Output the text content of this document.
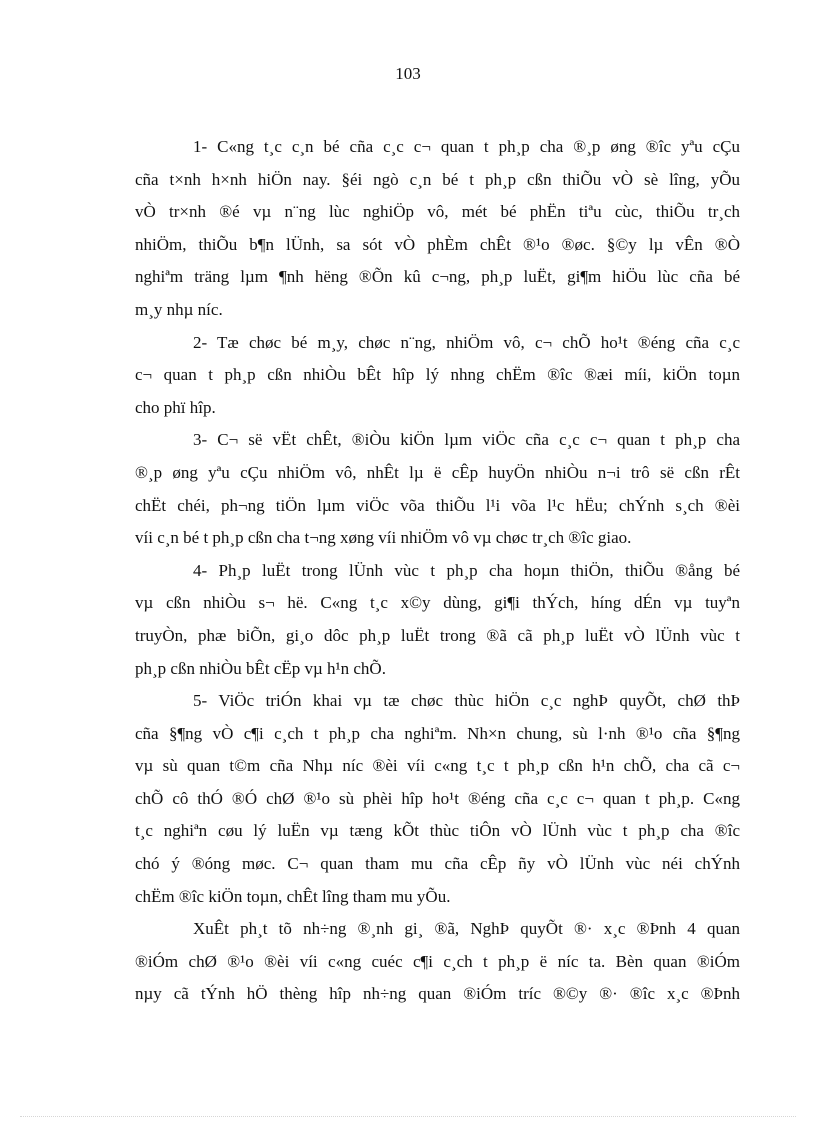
103
1- C«ng t¸c c¸n bé cña c¸c c¬ quan t ph¸p cha ®¸p øng ®îc yªu cÇu
cña t×nh h×nh hiÖn nay. §éi ngò c¸n bé t ph¸p cßn thiÕu vÒ sè lîng, yÕu
vÒ tr×nh ®é vµ n¨ng lùc nghiÖp vô, mét bé phËn tiªu cùc, thiÕu tr¸ch
nhiÖm, thiÕu b¶n lÜnh, sa sót vÒ phÈm chÊt ®¹o ®øc. §©y lµ vÊn ®Ò
nghiªm träng lµm ¶nh hëng ®Õn kû c¬ng, ph¸p luËt, gi¶m hiÖu lùc cña bé
m¸y nhµ níc.
2- Tæ chøc bé m¸y, chøc n¨ng, nhiÖm vô, c¬ chÕ ho¹t ®éng cña c¸c
c¬ quan t ph¸p cßn nhiÒu bÊt hîp lý nhng chËm ®îc ®æi míi, kiÖn toµn
cho phï hîp.
3- C¬ së vËt chÊt, ®iÒu kiÖn lµm viÖc cña c¸c c¬ quan t ph¸p cha
®¸p øng yªu cÇu nhiÖm vô, nhÊt lµ ë cÊp huyÖn nhiÒu n¬i trô së cßn rÊt
chËt chéi, ph¬ng tiÖn lµm viÖc võa thiÕu l¹i võa l¹c hËu; chÝnh s¸ch ®èi
víi c¸n bé t ph¸p cßn cha t¬ng xøng víi nhiÖm vô vµ chøc tr¸ch ®îc giao.
4- Ph¸p luËt trong lÜnh vùc t ph¸p cha hoµn thiÖn, thiÕu ®ång bé
vµ cßn nhiÒu s¬ hë. C«ng t¸c x©y dùng, gi¶i thÝch, híng dÉn vµ tuyªn
truyÒn, phæ biÕn, gi¸o dôc ph¸p luËt trong ®ã cã ph¸p luËt vÒ lÜnh vùc t
ph¸p cßn nhiÒu bÊt cËp vµ h¹n chÕ.
5- ViÖc triÓn khai vµ tæ chøc thùc hiÖn c¸c nghÞ quyÕt, chØ thÞ
cña §¶ng vÒ c¶i c¸ch t ph¸p cha nghiªm. Nh×n chung, sù l·nh ®¹o cña §¶ng
vµ sù quan t©m cña Nhµ níc ®èi víi c«ng t¸c t ph¸p cßn h¹n chÕ, cha cã c¬
chÕ cô thÓ ®Ó chØ ®¹o sù phèi hîp ho¹t ®éng cña c¸c c¬ quan t ph¸p. C«ng
t¸c nghiªn cøu lý luËn vµ tæng kÕt thùc tiÔn vÒ lÜnh vùc t ph¸p cha ®îc
chó ý ®óng møc. C¬ quan tham mu cña cÊp ñy vÒ lÜnh vùc néi chÝnh
chËm ®îc kiÖn toµn, chÊt lîng tham mu yÕu.
XuÊt ph¸t tõ nh÷ng ®¸nh gi¸ ®ã, NghÞ quyÕt ®· x¸c ®Þnh 4 quan
®iÓm chØ ®¹o ®èi víi c«ng cuéc c¶i c¸ch t ph¸p ë níc ta. Bèn quan ®iÓm
nµy cã tÝnh hÖ thèng hîp nh÷ng quan ®iÓm tríc ®©y ®· ®îc x¸c ®Þnh
